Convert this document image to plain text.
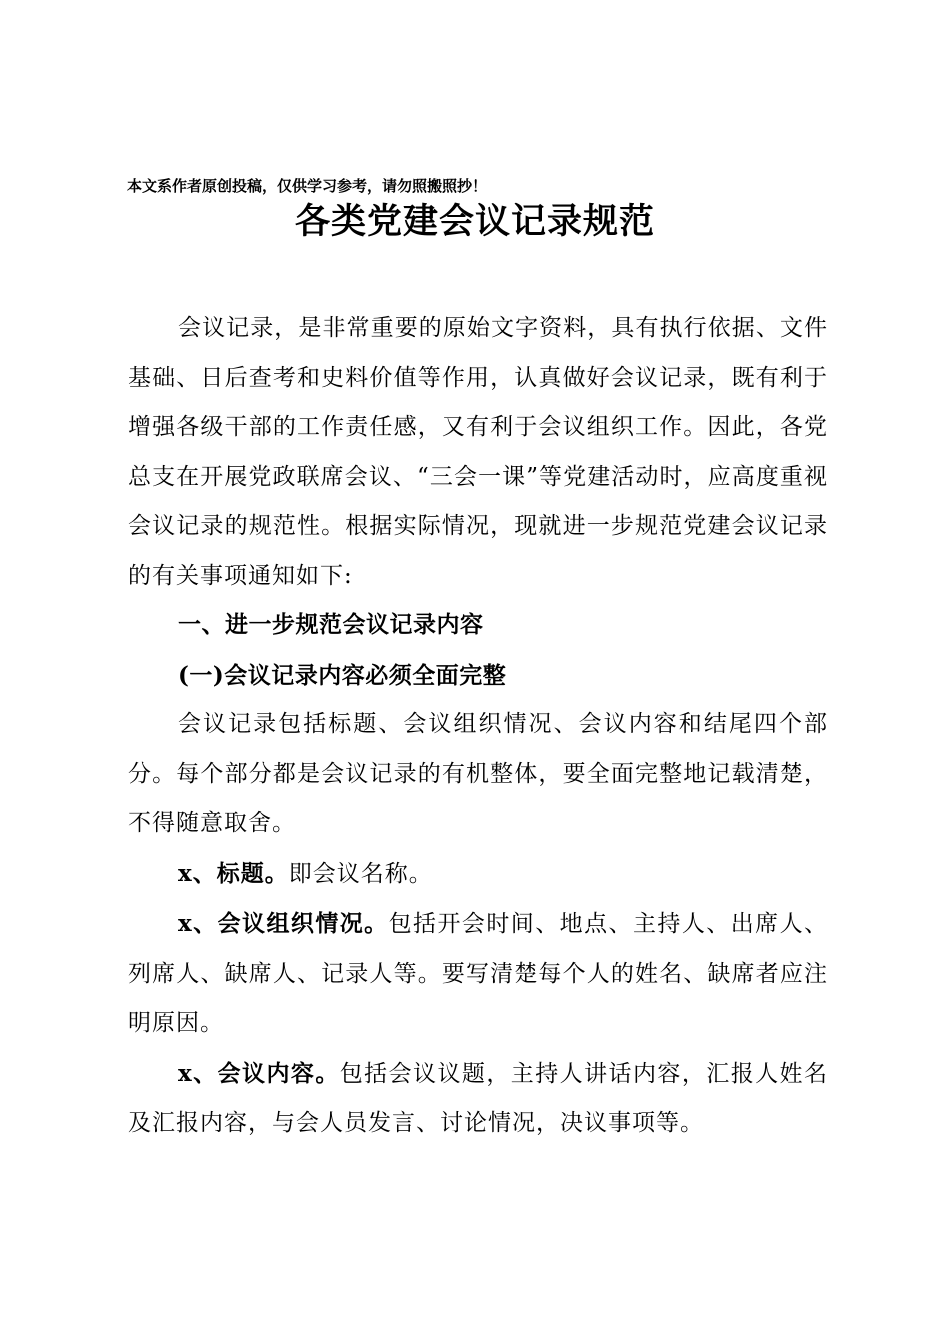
本文系作者原创投稿，仅供学习参考，请勿照搬照抄！
各类党建会议记录规范

会议记录，是非常重要的原始文字资料，具有执行依据、文件基础、日后查考和史料价值等作用，认真做好会议记录，既有利于增强各级干部的工作责任感，又有利于会议组织工作。因此，各党总支在开展党政联席会议、“三会一课”等党建活动时，应高度重视会议记录的规范性。根据实际情况，现就进一步规范党建会议记录的有关事项通知如下:

一、进一步规范会议记录内容

(一)会议记录内容必须全面完整

会议记录包括标题、会议组织情况、会议内容和结尾四个部分。每个部分都是会议记录的有机整体，要全面完整地记载清楚，不得随意取舍。

x、标题。即会议名称。

x、会议组织情况。包括开会时间、地点、主持人、出席人、列席人、缺席人、记录人等。要写清楚每个人的姓名、缺席者应注明原因。

x、会议内容。包括会议议题，主持人讲话内容，汇报人姓名及汇报内容，与会人员发言、讨论情况，决议事项等。
